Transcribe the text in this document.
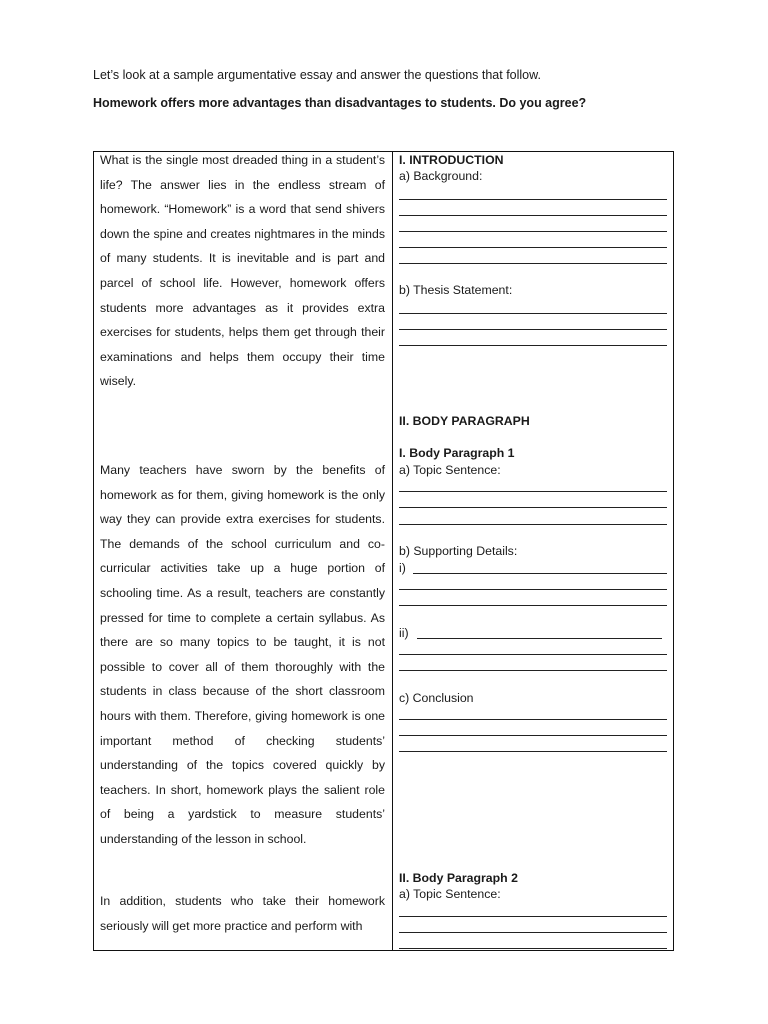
Let’s look at a sample argumentative essay and answer the questions that follow.
Homework offers more advantages than disadvantages to students. Do you agree?

What is the single most dreaded thing in a student’s life? The answer lies in the endless stream of homework. “Homework” is a word that send shivers down the spine and creates nightmares in the minds of many students. It is inevitable and is part and parcel of school life. However, homework offers students more advantages as it provides extra exercises for students, helps them get through their examinations and helps them occupy their time wisely.

Many teachers have sworn by the benefits of homework as for them, giving homework is the only way they can provide extra exercises for students. The demands of the school curriculum and co-curricular activities take up a huge portion of schooling time. As a result, teachers are constantly pressed for time to complete a certain syllabus. As there are so many topics to be taught, it is not possible to cover all of them thoroughly with the students in class because of the short classroom hours with them. Therefore, giving homework is one important method of checking students’ understanding of the topics covered quickly by teachers. In short, homework plays the salient role of being a yardstick to measure students’ understanding of the lesson in school.

In addition, students who take their homework seriously will get more practice and perform with

I. INTRODUCTION
a) Background:
b) Thesis Statement:
II. BODY PARAGRAPH
I. Body Paragraph 1
a) Topic Sentence:
b) Supporting Details:
i)
ii)
c) Conclusion
II. Body Paragraph 2
a) Topic Sentence:
